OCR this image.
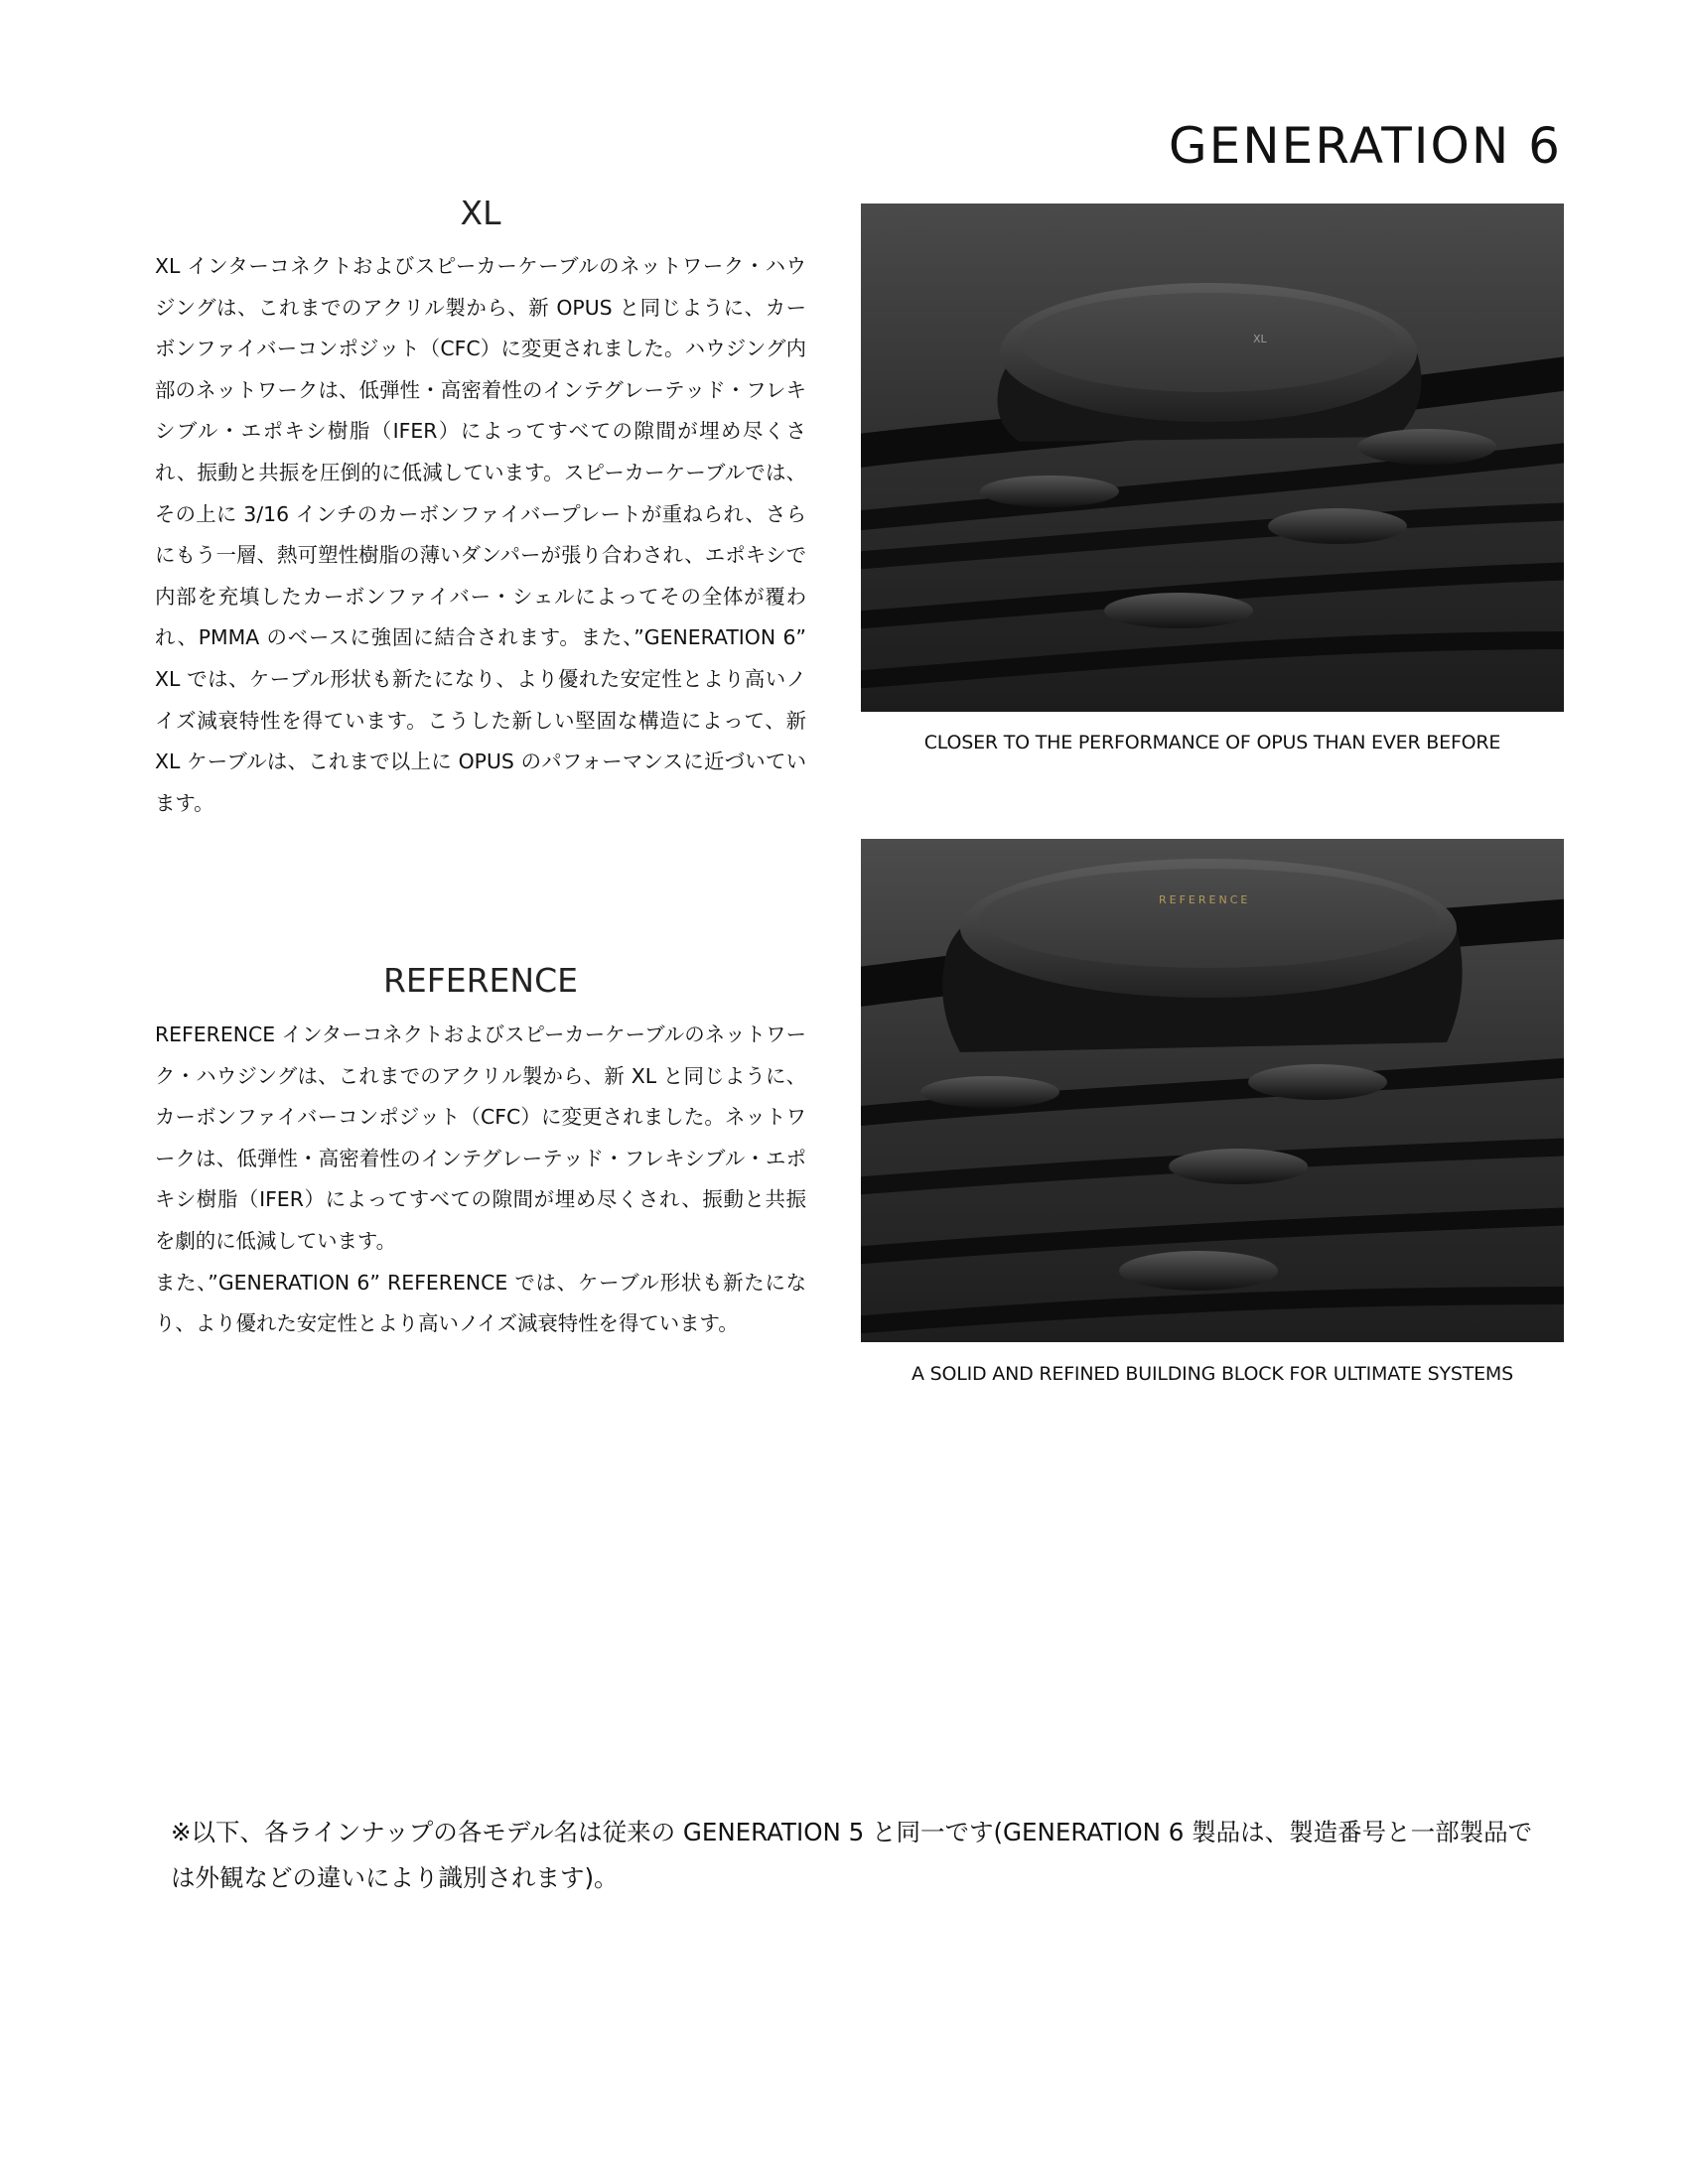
GENERATION 6
XL

XL インターコネクトおよびスピーカーケーブルのネットワーク・ハウジングは、これまでのアクリル製から、新 OPUS と同じように、カーボンファイバーコンポジット（CFC）に変更されました。ハウジング内部のネットワークは、低弾性・高密着性のインテグレーテッド・フレキシブル・エポキシ樹脂（IFER）によってすべての隙間が埋め尽くされ、振動と共振を圧倒的に低減しています。スピーカーケーブルでは、その上に 3/16 インチのカーボンファイバープレートが重ねられ、さらにもう一層、熱可塑性樹脂の薄いダンパーが張り合わされ、エポキシで内部を充填したカーボンファイバー・シェルによってその全体が覆われ、PMMA のベースに強固に結合されます。また、”GENERATION 6” XL では、ケーブル形状も新たになり、より優れた安定性とより高いノイズ減衰特性を得ています。こうした新しい堅固な構造によって、新 XL ケーブルは、これまで以上に OPUS のパフォーマンスに近づいています。

XL

CLOSER TO THE PERFORMANCE OF OPUS THAN EVER BEFORE

REFERENCE

REFERENCE インターコネクトおよびスピーカーケーブルのネットワーク・ハウジングは、これまでのアクリル製から、新 XL と同じように、カーボンファイバーコンポジット（CFC）に変更されました。ネットワークは、低弾性・高密着性のインテグレーテッド・フレキシブル・エポキシ樹脂（IFER）によってすべての隙間が埋め尽くされ、振動と共振を劇的に低減しています。

また、”GENERATION 6” REFERENCE では、ケーブル形状も新たになり、より優れた安定性とより高いノイズ減衰特性を得ています。

REFERENCE

A SOLID AND REFINED BUILDING BLOCK FOR ULTIMATE SYSTEMS

※以下、各ラインナップの各モデル名は従来の GENERATION 5 と同一です(GENERATION 6 製品は、製造番号と一部製品では外観などの違いにより識別されます)。
